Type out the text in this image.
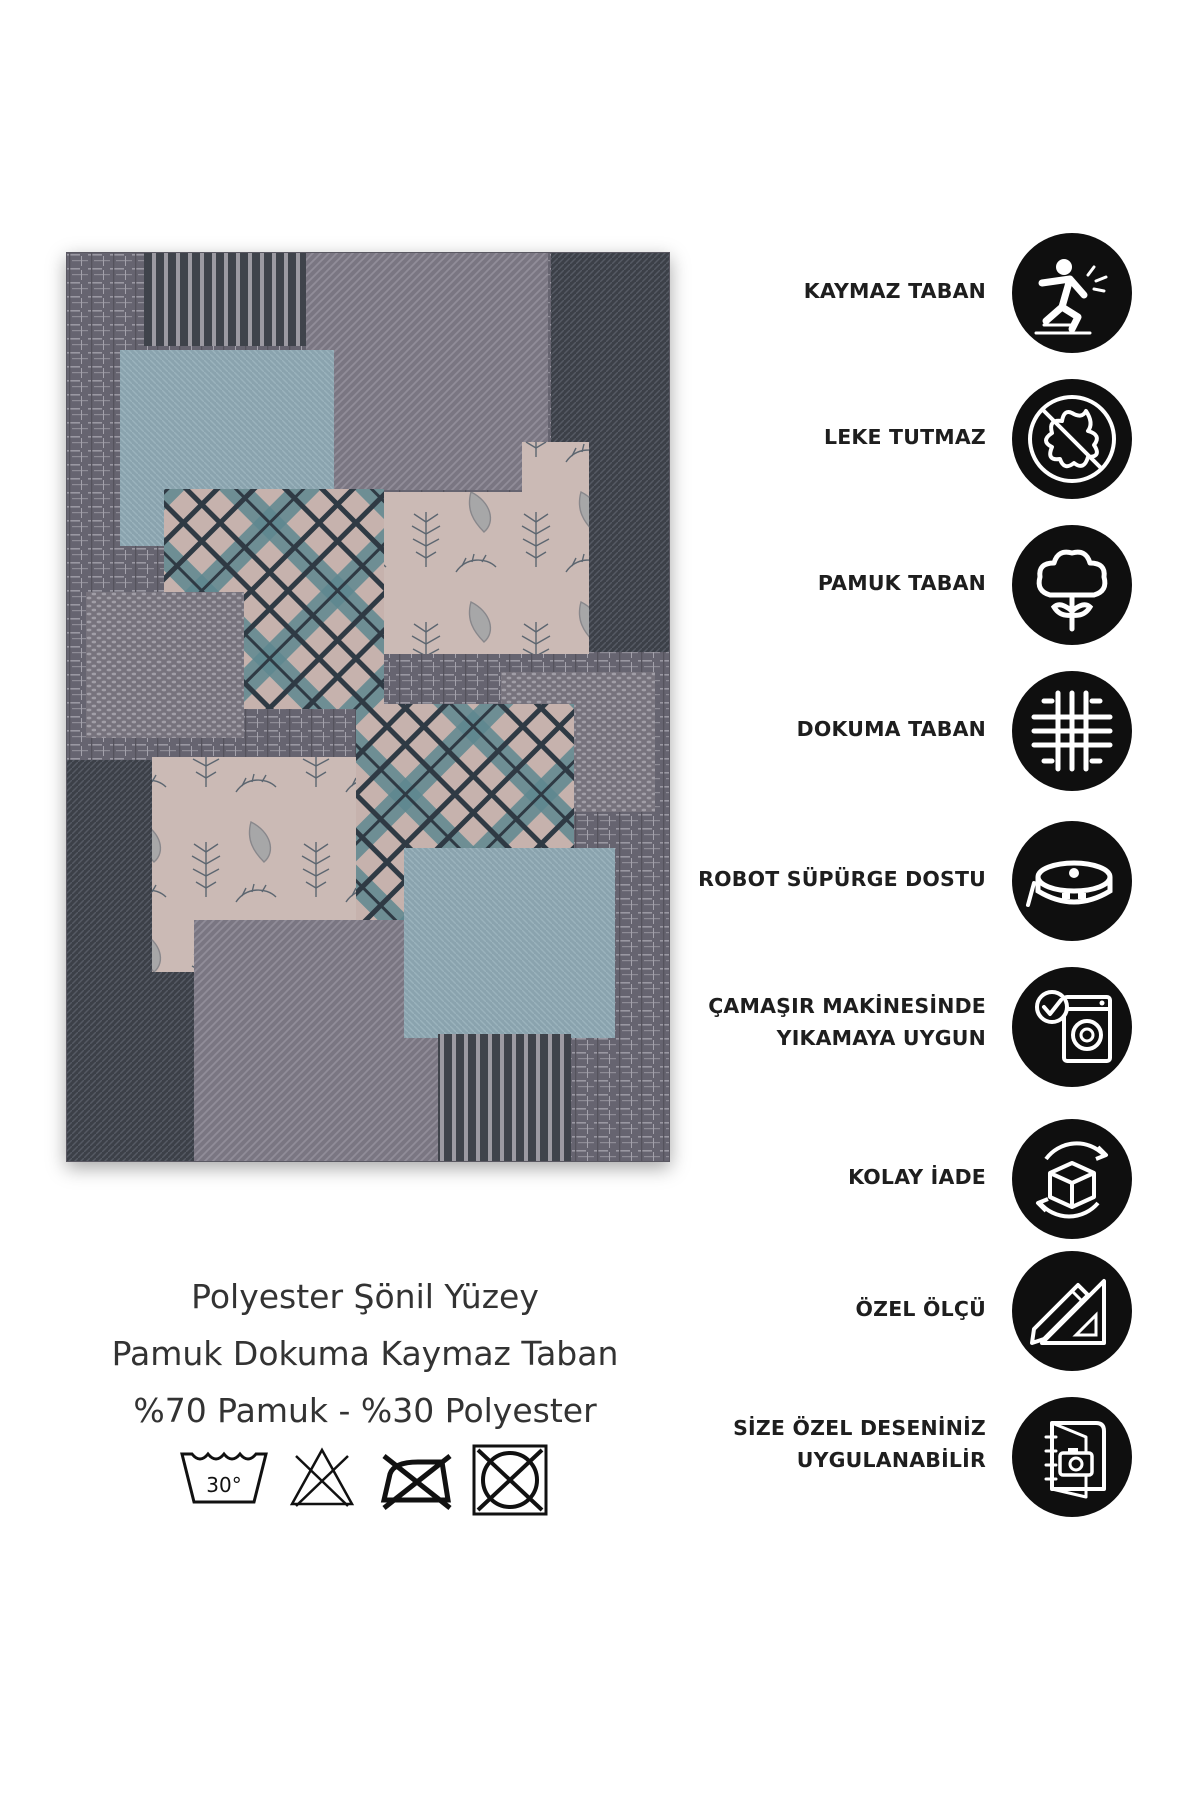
Polyester Şönil Yüzey
Pamuk Dokuma Kaymaz Taban
%70 Pamuk - %30 Polyester
30°
KAYMAZ TABAN
LEKE TUTMAZ
PAMUK TABAN
DOKUMA TABAN
ROBOT SÜPÜRGE DOSTU
ÇAMAŞIR MAKİNESİNDE
YIKAMAYA UYGUN
KOLAY İADE
ÖZEL ÖLÇÜ
SİZE ÖZEL DESENİNİZ
UYGULANABİLİR
